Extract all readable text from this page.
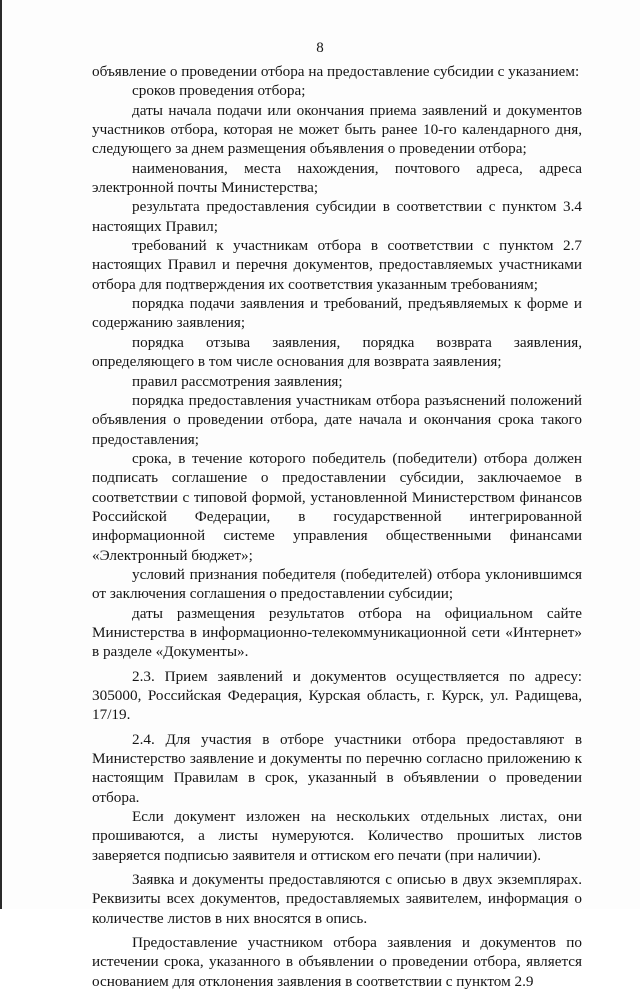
8

объявление о проведении отбора на предоставление субсидии с указанием:

сроков проведения отбора;

даты начала подачи или окончания приема заявлений и документов участников отбора, которая не может быть ранее 10-го календарного дня, следующего за днем размещения объявления о проведении отбора;

наименования, места нахождения, почтового адреса, адреса электронной почты Министерства;

результата предоставления субсидии в соответствии с пунктом 3.4 настоящих Правил;

требований к участникам отбора в соответствии с пунктом 2.7 настоящих Правил и перечня документов, предоставляемых участниками отбора для подтверждения их соответствия указанным требованиям;

порядка подачи заявления и требований, предъявляемых к форме и содержанию заявления;

порядка отзыва заявления, порядка возврата заявления, определяющего в том числе основания для возврата заявления;

правил рассмотрения заявления;

порядка предоставления участникам отбора разъяснений положений объявления о проведении отбора, дате начала и окончания срока такого предоставления;

срока, в течение которого победитель (победители) отбора должен подписать соглашение о предоставлении субсидии, заключаемое в соответствии с типовой формой, установленной Министерством финансов Российской Федерации, в государственной интегрированной информационной системе управления общественными финансами «Электронный бюджет»;

условий признания победителя (победителей) отбора уклонившимся от заключения соглашения о предоставлении субсидии;

даты размещения результатов отбора на официальном сайте Министерства в информационно-телекоммуникационной сети «Интернет» в разделе «Документы».

2.3. Прием заявлений и документов осуществляется по адресу: 305000, Российская Федерация, Курская область, г. Курск, ул. Радищева, 17/19.

2.4. Для участия в отборе участники отбора предоставляют в Министерство заявление и документы по перечню согласно приложению к настоящим Правилам в срок, указанный в объявлении о проведении отбора.

Если документ изложен на нескольких отдельных листах, они прошиваются, а листы нумеруются. Количество прошитых листов заверяется подписью заявителя и оттиском его печати (при наличии).

Заявка и документы предоставляются с описью в двух экземплярах. Реквизиты всех документов, предоставляемых заявителем, информация о количестве листов в них вносятся в опись.

Предоставление участником отбора заявления и документов по истечении срока, указанного в объявлении о проведении отбора, является основанием для отклонения заявления в соответствии с пунктом 2.9
